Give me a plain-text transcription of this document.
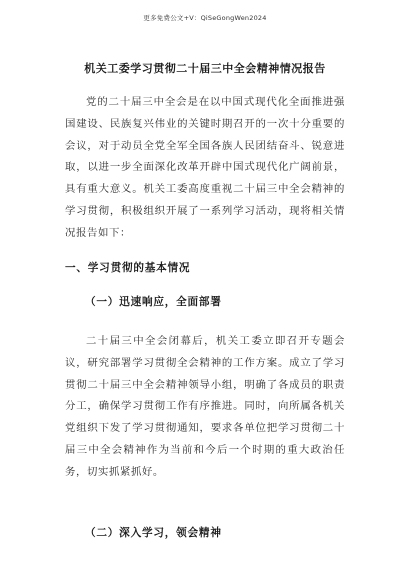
更多免费公文+V：QiSeGongWen2024
机关工委学习贯彻二十届三中全会精神情况报告
党的二十届三中全会是在以中国式现代化全面推进强国建设、民族复兴伟业的关键时期召开的一次十分重要的会议，对于动员全党全军全国各族人民团结奋斗、锐意进取，以进一步全面深化改革开辟中国式现代化广阔前景，具有重大意义。机关工委高度重视二十届三中全会精神的学习贯彻，积极组织开展了一系列学习活动，现将相关情况报告如下：
一、学习贯彻的基本情况
（一）迅速响应，全面部署
二十届三中全会闭幕后，机关工委立即召开专题会议，研究部署学习贯彻全会精神的工作方案。成立了学习贯彻二十届三中全会精神领导小组，明确了各成员的职责分工，确保学习贯彻工作有序推进。同时，向所属各机关党组织下发了学习贯彻通知，要求各单位把学习贯彻二十届三中全会精神作为当前和今后一个时期的重大政治任务，切实抓紧抓好。
（二）深入学习，领会精神
